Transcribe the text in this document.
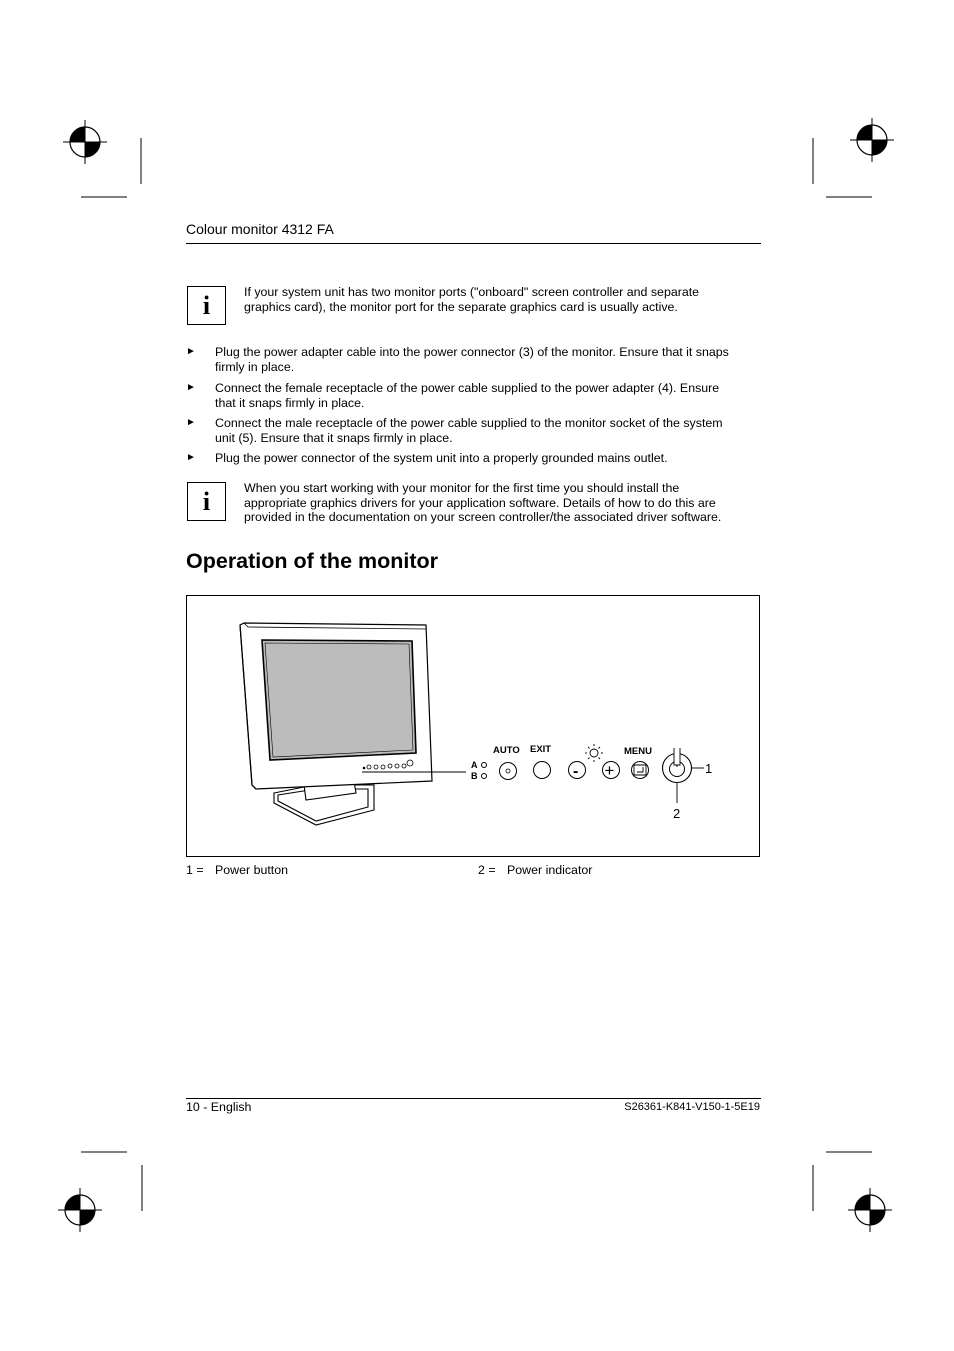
Colour monitor 4312 FA
i	If your system unit has two monitor ports ("onboard" screen controller and separate
graphics card), the monitor port for the separate graphics card is usually active.
► Plug the power adapter cable into the power connector (3) of the monitor. Ensure that it snaps
firmly in place.
► Connect the female receptacle of the power cable supplied to the power adapter (4). Ensure
that it snaps firmly in place.
► Connect the male receptacle of the power cable supplied to the monitor socket of the system
unit (5). Ensure that it snaps firmly in place.
► Plug the power connector of the system unit into a properly grounded mains outlet.
i	When you start working with your monitor for the first time you should install the
appropriate graphics drivers for your application software. Details of how to do this are
provided in the documentation on your screen controller/the associated driver software.
Operation of the monitor
A
B
AUTO EXIT
- +
MENU
1
2
1 = Power button	2 = Power indicator
10 - English	S26361-K841-V150-1-5E19
